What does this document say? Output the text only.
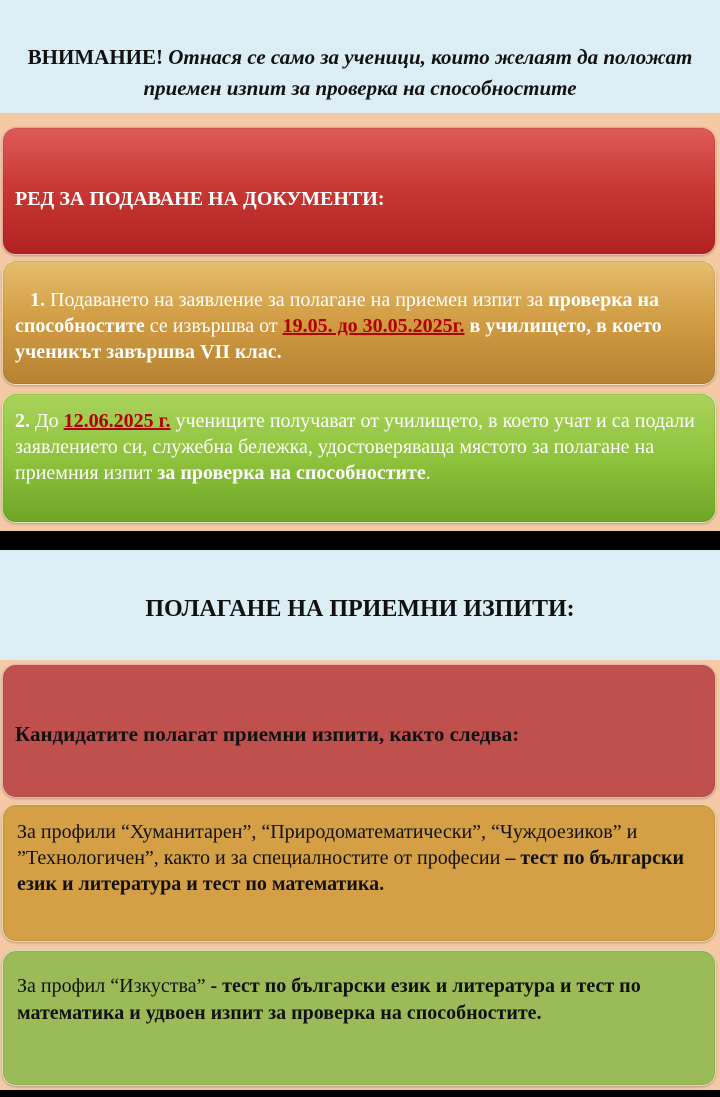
ВНИМАНИЕ! Отнася се само за ученици, които желаят да положат приемен изпит за проверка на способностите
РЕД ЗА ПОДАВАНЕ НА ДОКУМЕНТИ:
1. Подаването на заявление за полагане на приемен изпит за проверка на способностите се извършва от 19.05. до 30.05.2025г. в училището, в което ученикът завършва VII клас.
2. До 12.06.2025 г. учениците получават от училището, в което учат и са подали заявлението си, служебна бележка, удостоверяваща мястото за полагане на приемния изпит за проверка на способностите.
ПОЛАГАНЕ НА ПРИЕМНИ ИЗПИТИ:
Кандидатите полагат приемни изпити, както следва:
За профили “Хуманитарен”, “Природоматематически”, “Чуждоезиков” и ”Технологичен”, както и за специалностите от професии – тест по български език и литература и тест по математика.
За профил “Изкуства” - тест по български език и литература и тест по математика и удвоен изпит за проверка на способностите.
